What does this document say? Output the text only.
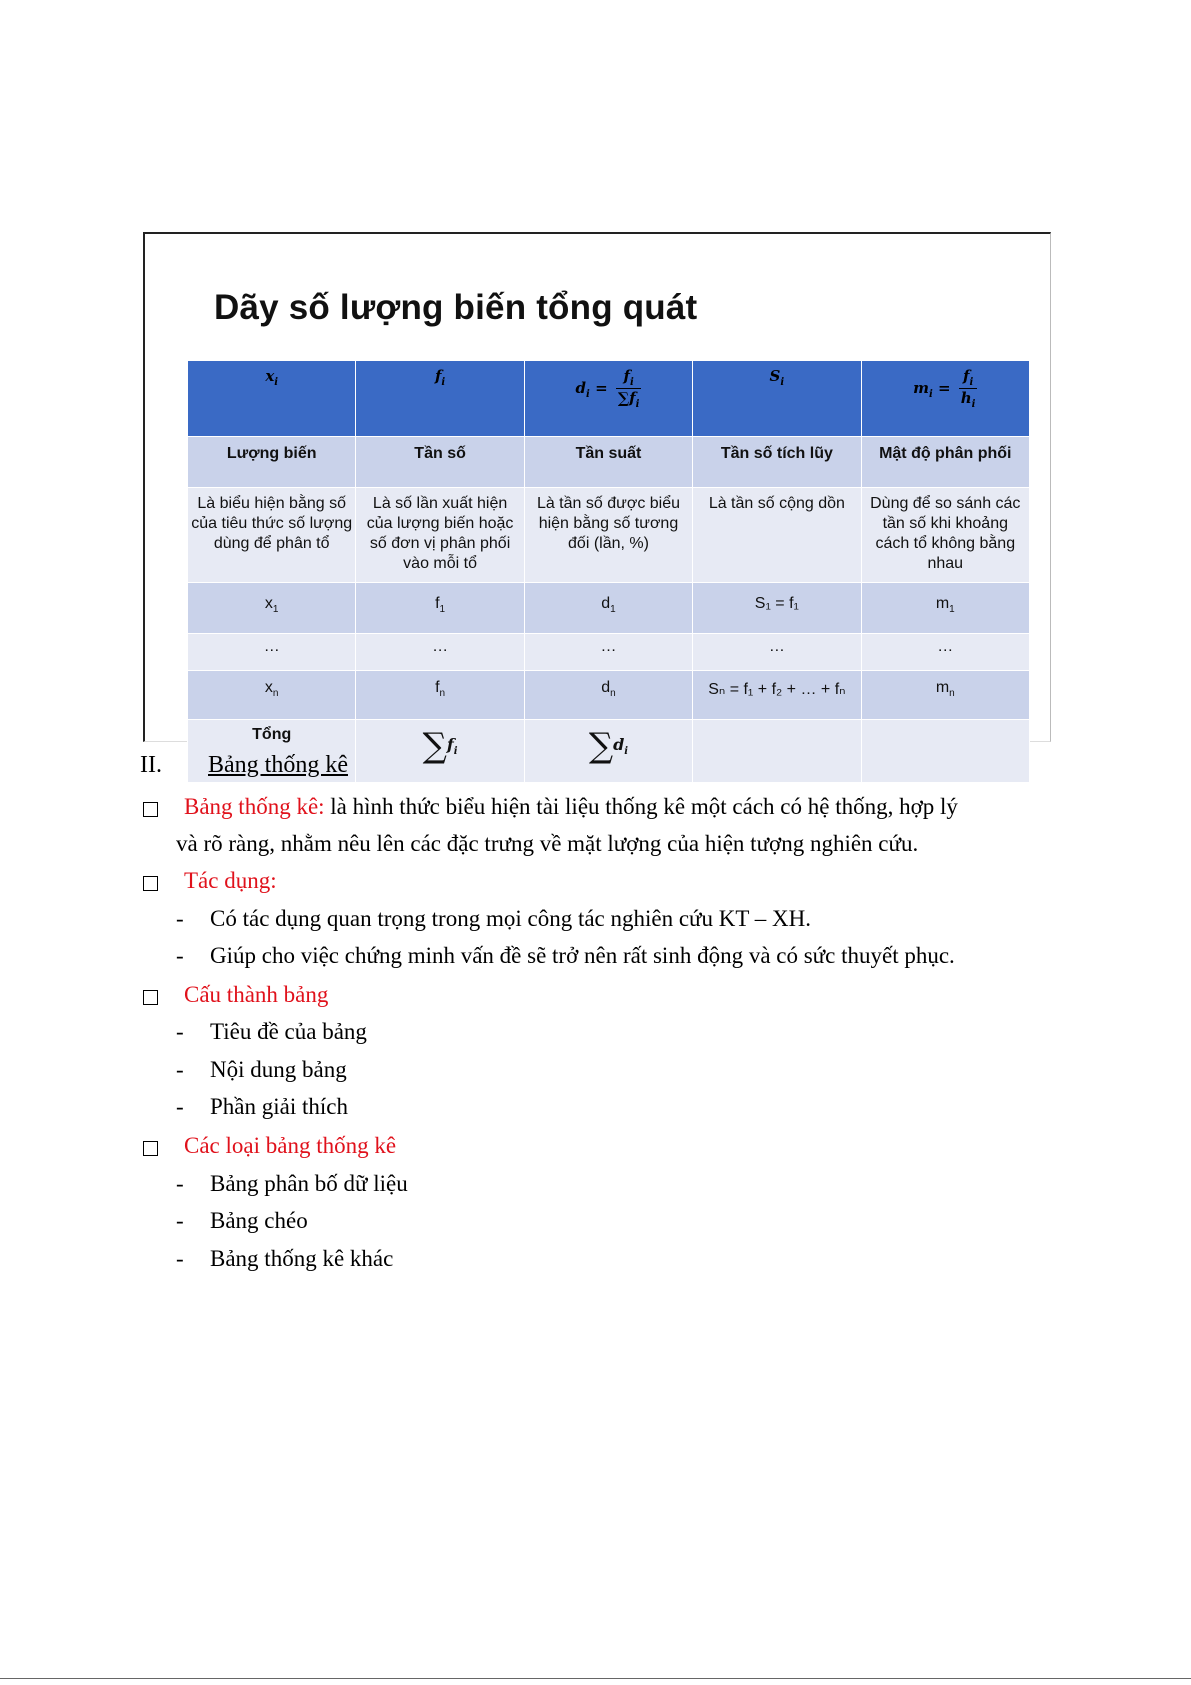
Dãy số lượng biến tổng quát
$x_i$	$f_i$	$d_i = \frac{f_i}{\sum f_i}$	$S_i$	$m_i = \frac{f_i}{h_i}$

Lượng biến	Tần số	Tần suất	Tần số tích lũy	Mật độ phân phối
Là biểu hiện bằng số của tiêu thức số lượng dùng để phân tổ	Là số lần xuất hiện của lượng biến hoặc số đơn vị phân phối vào mỗi tổ	Là tần số được biểu hiện bằng số tương đối (lần, %)	Là tần số cộng dồn	Dùng để so sánh các tần số khi khoảng cách tổ không bằng nhau
$x_1$	$f_1$	$d_1$	S₁ = f₁	$m_1$
…	…	…	…	…
$x_n$	$f_n$	$d_n$	Sₙ = f₁ + f₂ + … + fₙ	$m_n$
Tổng	$\sum f_i$	$\sum d_i$		
II. Bảng thống kê
Bảng thống kê: là hình thức biểu hiện tài liệu thống kê một cách có hệ thống, hợp lý
và rõ ràng, nhằm nêu lên các đặc trưng về mặt lượng của hiện tượng nghiên cứu.
Tác dụng:
- Có tác dụng quan trọng trong mọi công tác nghiên cứu KT – XH.
- Giúp cho việc chứng minh vấn đề sẽ trở nên rất sinh động và có sức thuyết phục.
Cấu thành bảng
- Tiêu đề của bảng
- Nội dung bảng
- Phần giải thích
Các loại bảng thống kê
- Bảng phân bố dữ liệu
- Bảng chéo
- Bảng thống kê khác
